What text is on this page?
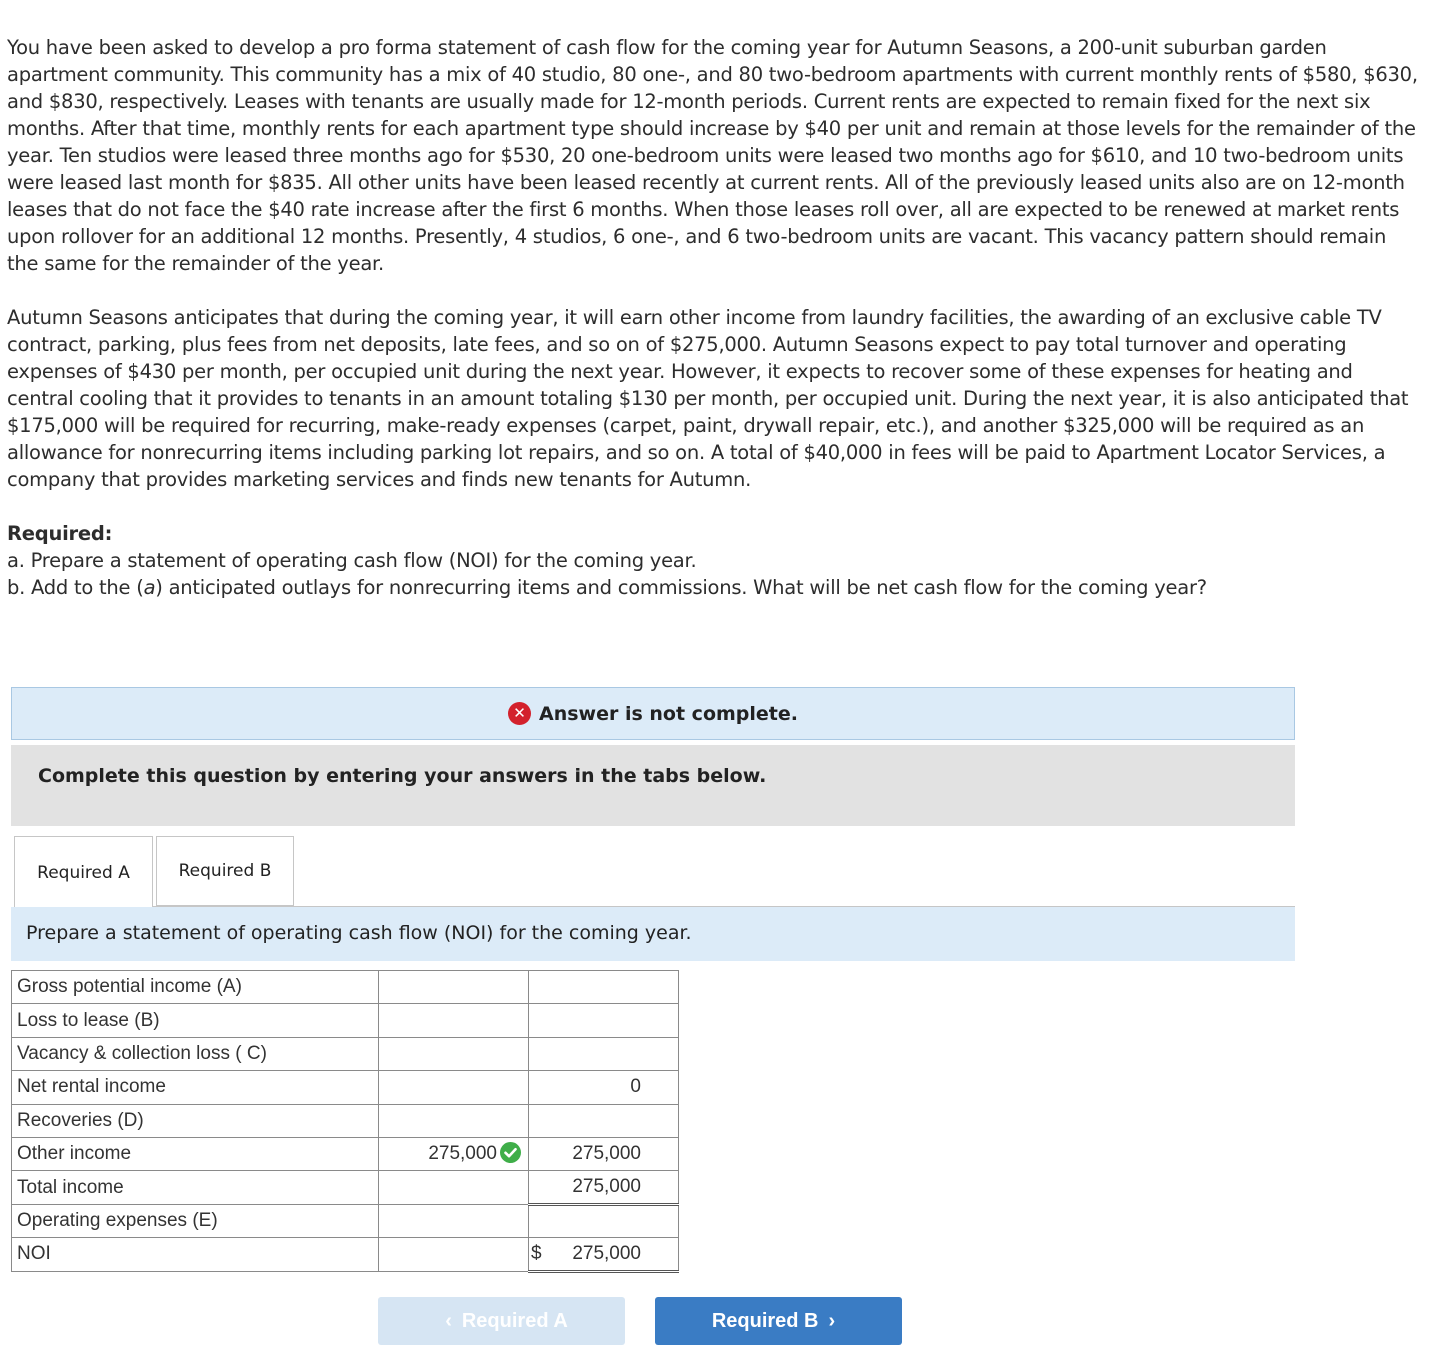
You have been asked to develop a pro forma statement of cash flow for the coming year for Autumn Seasons, a 200-unit suburban garden apartment community. This community has a mix of 40 studio, 80 one-, and 80 two-bedroom apartments with current monthly rents of $580, $630, and $830, respectively. Leases with tenants are usually made for 12-month periods. Current rents are expected to remain fixed for the next six months. After that time, monthly rents for each apartment type should increase by $40 per unit and remain at those levels for the remainder of the year. Ten studios were leased three months ago for $530, 20 one-bedroom units were leased two months ago for $610, and 10 two-bedroom units were leased last month for $835. All other units have been leased recently at current rents. All of the previously leased units also are on 12-month leases that do not face the $40 rate increase after the first 6 months. When those leases roll over, all are expected to be renewed at market rents upon rollover for an additional 12 months. Presently, 4 studios, 6 one-, and 6 two-bedroom units are vacant. This vacancy pattern should remain the same for the remainder of the year.

Autumn Seasons anticipates that during the coming year, it will earn other income from laundry facilities, the awarding of an exclusive cable TV contract, parking, plus fees from net deposits, late fees, and so on of $275,000. Autumn Seasons expect to pay total turnover and operating expenses of $430 per month, per occupied unit during the next year. However, it expects to recover some of these expenses for heating and central cooling that it provides to tenants in an amount totaling $130 per month, per occupied unit. During the next year, it is also anticipated that $175,000 will be required for recurring, make-ready expenses (carpet, paint, drywall repair, etc.), and another $325,000 will be required as an allowance for nonrecurring items including parking lot repairs, and so on. A total of $40,000 in fees will be paid to Apartment Locator Services, a company that provides marketing services and finds new tenants for Autumn.

Required:

a. Prepare a statement of operating cash flow (NOI) for the coming year.

b. Add to the (a) anticipated outlays for nonrecurring items and commissions. What will be net cash flow for the coming year?

✕ Answer is not complete.
Complete this question by entering your answers in the tabs below.
Required A	Required B
Prepare a statement of operating cash flow (NOI) for the coming year.
Gross potential income (A)		
Loss to lease (B)		
Vacancy & collection loss ( C)		
Net rental income		0
Recoveries (D)		
Other income	275,000	275,000
Total income		275,000
Operating expenses (E)		
NOI		$ 275,000
‹ Required A	Required B ›
